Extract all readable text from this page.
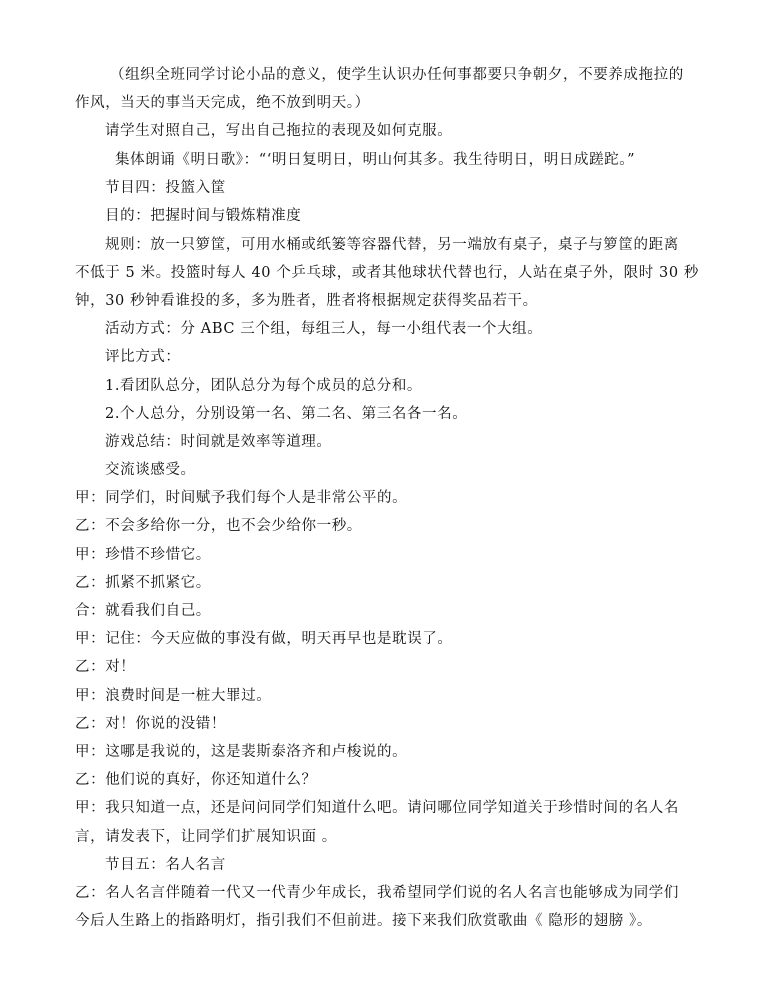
（组织全班同学讨论小品的意义，使学生认识办任何事都要只争朝夕，不要养成拖拉的
作风，当天的事当天完成，绝不放到明天。）
请学生对照自己，写出自己拖拉的表现及如何克服。
集体朗诵《明日歌》：“‘明日复明日，明山何其多。我生待明日，明日成蹉跎。”
节目四：投篮入筐
目的：把握时间与锻炼精准度
规则：放一只箩筐，可用水桶或纸篓等容器代替，另一端放有桌子，桌子与箩筐的距离
不低于 5 米。投篮时每人 40 个乒乓球，或者其他球状代替也行，人站在桌子外，限时 30 秒
钟，30 秒钟看谁投的多，多为胜者，胜者将根据规定获得奖品若干。
活动方式：分 ABC 三个组，每组三人，每一小组代表一个大组。
评比方式：
1.看团队总分，团队总分为每个成员的总分和。
2.个人总分，分别设第一名、第二名、第三名各一名。
游戏总结：时间就是效率等道理。
交流谈感受。
甲：同学们，时间赋予我们每个人是非常公平的。
乙：不会多给你一分，也不会少给你一秒。
甲：珍惜不珍惜它。
乙：抓紧不抓紧它。
合：就看我们自己。
甲：记住：今天应做的事没有做，明天再早也是耽误了。
乙：对！
甲：浪费时间是一桩大罪过。
乙：对！你说的没错！
甲：这哪是我说的，这是裴斯泰洛齐和卢梭说的。
乙：他们说的真好，你还知道什么？
甲：我只知道一点，还是问问同学们知道什么吧。请问哪位同学知道关于珍惜时间的名人名
言，请发表下，让同学们扩展知识面 。
节目五：名人名言
乙：名人名言伴随着一代又一代青少年成长，我希望同学们说的名人名言也能够成为同学们
今后人生路上的指路明灯，指引我们不但前进。接下来我们欣赏歌曲《 隐形的翅膀 》。
